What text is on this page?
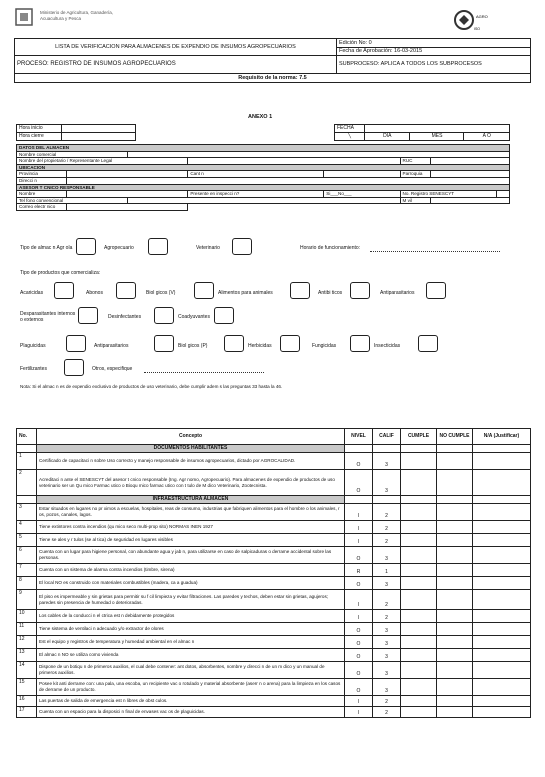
Ministerio de Agricultura, Ganadería, Acuacultura y Pesca	AGRO
ISO
LISTA DE VERIFICACION PARA ALMACENES DE EXPENDIO DE INSUMOS AGROPECUARIOS	Edición No: 0
Fecha de Aprobación: 16-03-2015

PROCESO: REGISTRO DE INSUMOS AGROPECUARIOS	SUBPROCESO: APLICA A TODOS LOS SUBPROCESOS
Requisito de la norma: 7.5	
ANEXO 1
Hora inicio	
Hora cierre	
FECHA			
╲	DIA	MES	A O
DATOS DEL ALMACEN							
Nombre comercial							
Nombre del propietario / Representante Legal					RUC		
UBICACION							
Provincia			Cant n		Parroquia		
Direcci n							
ASESOR T CNICO RESPONSABLE							
Nombre			Presente en inspecci n?	Si___No___	No. Registro SENESCYT		
Tel fono convencional					M vil		
Correo electr nico							
Tipo de almac n Agr ola	Agropecuario	Veterinario	Horario de funcionamiento:
Tipo de productos que comercializa:
Acaricidas	Abonos	Biol gicos (V)	Alimentos para animales	Antibi ticos	Antiparasitarios
Desparasitantes internos o externos	Desinfectantes	Coadyuvantes
Plaguicidas	Antiparasitarios	Biol gicos (P)	Herbicidas	Fungicidas	Insecticidas
Fertilizantes	Otros, especifique
Nota: Si el almac n es de expendio exclusivo de productos de uso veterinario, debe cumplir adem s las preguntas 33 hasta la 46.
No.	Concepto	NIVEL	CALIF	CUMPLE	NO CUMPLE	N/A (Justificar)
	DOCUMENTOS HABILITANTES					
1	Certificado de capacitaci n sobre Uso correcto y manejo responsable de insumos agropecuarios, dictado por AGROCALIDAD.	O	3			
2	Acreditaci n ante el SENESCYT del asesor t cnico responsable (Ing. Agr nomo, Agropecuario). Para almacenes de expendio de productos de uso veterinario ser un Qu mico Farmac utico o Bioqu mico farmac utico con t tulo de M dico Veterinario, Zootecnista.	O	3			
	INFRAESTRUCTURA ALMACEN					
3	Estar situados en lugares no pr ximos a escuelas, hospitales, reas de consumo, industrias que fabriquen alimentos para el hombre o los animales, r os, pozos, canales, lagos.	I	2			
4	Tiene extintores contra incendios (qu mico seco multi-prop sito) NORMAS INEN 1927	I	2			
5	Tiene se ales y r tulos (se al tica) de seguridad en lugares visibles	I	2			
6	Cuenta con un lugar para higiene personal, con abundante agua y jab n, para utilizarse en caso de salpicaduras o derrame accidental sobre las personas.	O	3			
7	Cuenta con un sistema de alarma contra incendios (timbre, sirena)	R	1			
8	El local NO es construido con materiales combustibles (madera, ca a guadua)	O	3			
9	El piso es impermeable y sin grietas para permitir su f cil limpieza y evitar filtraciones. Las paredes y techos, deben estar sin grietas, agujeros; paredes sin presencia de humedad o deterioradas.	I	2			
10	Los cables de la conducci n el ctrica est n debidamente protegidos	I	2			
11	Tiene sistema de ventilaci n adecuado y/o extractor de olores	O	3			
12	Est el equipo y registros de temperatura y humedad ambiental en el almac n	O	3			
13	El almac n NO se utiliza como vivienda	O	3			
14	Dispone de un botiqu n de primeros auxilios, el cual debe contener: ant dotos, absorbentes, nombre y direcci n de un m dico y un manual de primeros auxilios.	O	3			
15	Posee kit anti derrame con: una pala, una escoba, un recipiente vac o rotulado y material absorbente (aserr n o arena) para la limpieza en los casos de derrame de un producto.	O	3			
16	Las puertas de salida de emergencia est n libres de obst culos.	I	2			
17	Cuenta con un espacio para la disposici n final de envases vac os de plaguicidas.	I	2			
